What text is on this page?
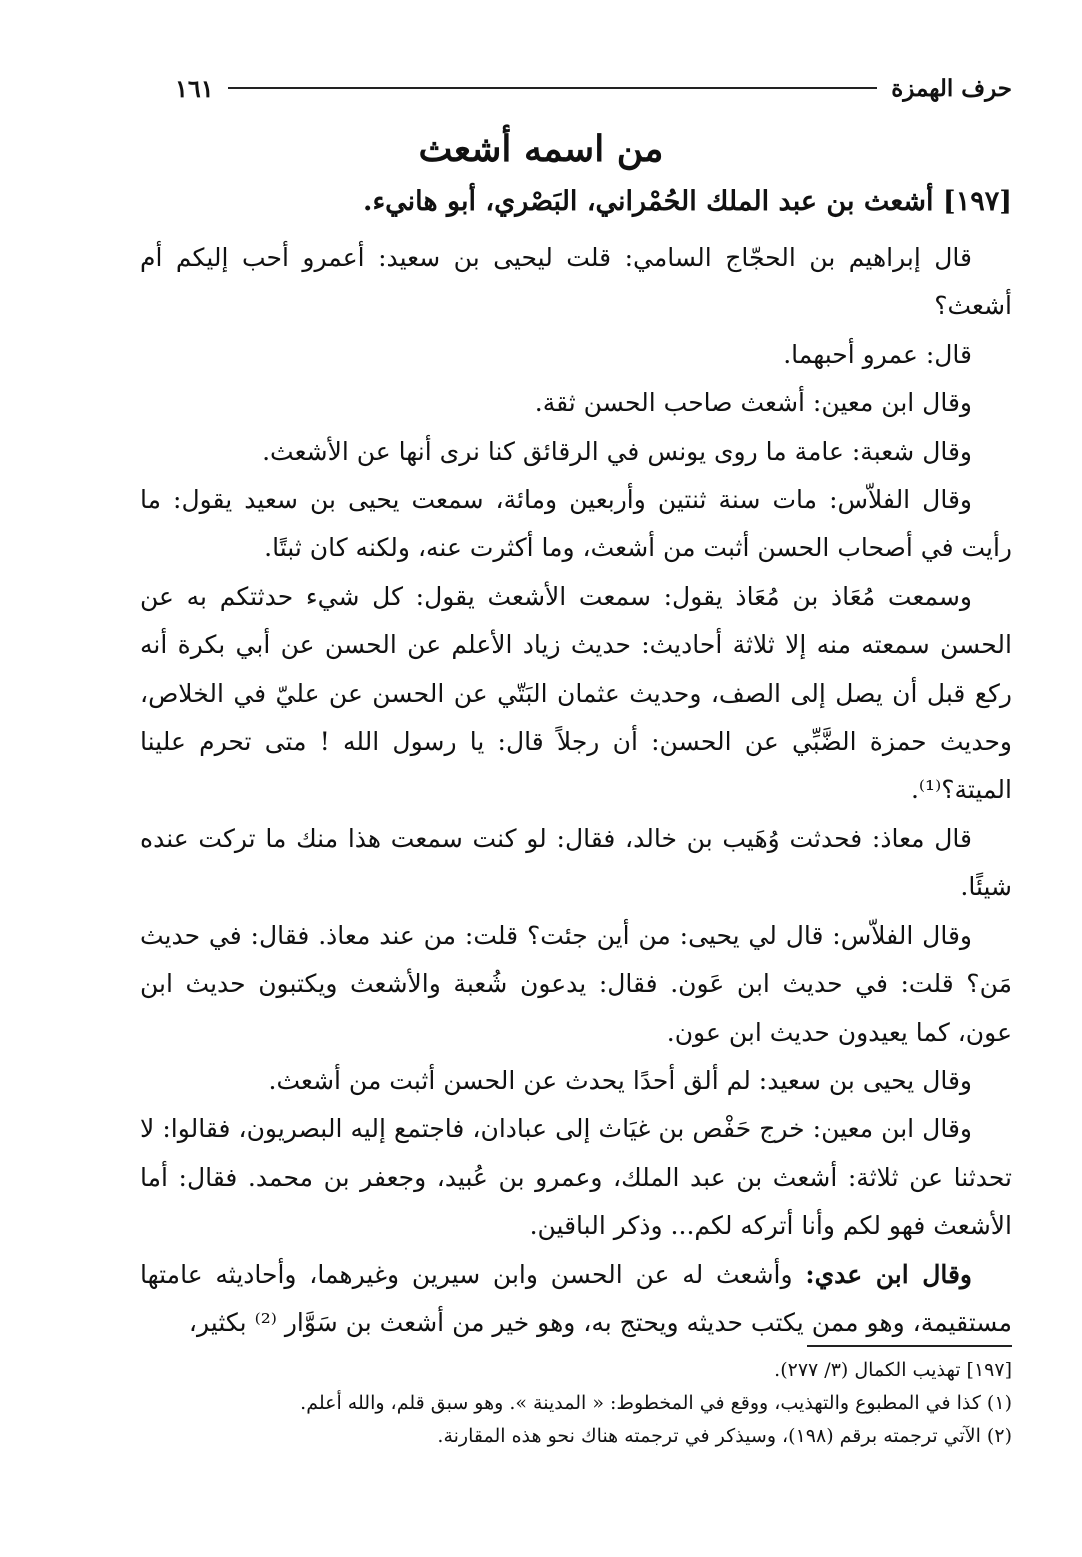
حرف الهمزة
١٦١
من اسمه أشعث
[١٩٧] أشعث بن عبد الملك الحُمْراني، البَصْري، أبو هانيء.

قال إبراهيم بن الحجّاج السامي: قلت ليحيى بن سعيد: أعمرو أحب إليكم أم أشعث؟

قال: عمرو أحبهما.

وقال ابن معين: أشعث صاحب الحسن ثقة.

وقال شعبة: عامة ما روى يونس في الرقائق كنا نرى أنها عن الأشعث.

وقال الفلاّس: مات سنة ثنتين وأربعين ومائة، سمعت يحيى بن سعيد يقول: ما رأيت في أصحاب الحسن أثبت من أشعث، وما أكثرت عنه، ولكنه كان ثبتًا.

وسمعت مُعَاذ بن مُعَاذ يقول: سمعت الأشعث يقول: كل شيء حدثتكم به عن الحسن سمعته منه إلا ثلاثة أحاديث: حديث زياد الأعلم عن الحسن عن أبي بكرة أنه ركع قبل أن يصل إلى الصف، وحديث عثمان البَتّي عن الحسن عن عليّ في الخلاص، وحديث حمزة الضَّبِّي عن الحسن: أن رجلاً قال: يا رسول الله ! متى تحرم علينا الميتة؟⁽¹⁾.

قال معاذ: فحدثت وُهَيب بن خالد، فقال: لو كنت سمعت هذا منك ما تركت عنده شيئًا.

وقال الفلاّس: قال لي يحيى: من أين جئت؟ قلت: من عند معاذ. فقال: في حديث مَن؟ قلت: في حديث ابن عَون. فقال: يدعون شُعبة والأشعث ويكتبون حديث ابن عون، كما يعيدون حديث ابن عون.

وقال يحيى بن سعيد: لم ألق أحدًا يحدث عن الحسن أثبت من أشعث.

وقال ابن معين: خرج حَفْص بن غيَاث إلى عبادان، فاجتمع إليه البصريون، فقالوا: لا تحدثنا عن ثلاثة: أشعث بن عبد الملك، وعمرو بن عُبيد، وجعفر بن محمد. فقال: أما الأشعث فهو لكم وأنا أتركه لكم... وذكر الباقين.

وقال ابن عدي: وأشعث له عن الحسن وابن سيرين وغيرهما، وأحاديثه عامتها مستقيمة، وهو ممن يكتب حديثه ويحتج به، وهو خير من أشعث بن سَوَّار ⁽²⁾ بكثير،

[١٩٧] تهذيب الكمال (٣/ ٢٧٧).

(١) كذا في المطبوع والتهذيب، ووقع في المخطوط: « المدينة ». وهو سبق قلم، والله أعلم.

(٢) الآتي ترجمته برقم (١٩٨)، وسيذكر في ترجمته هناك نحو هذه المقارنة.
